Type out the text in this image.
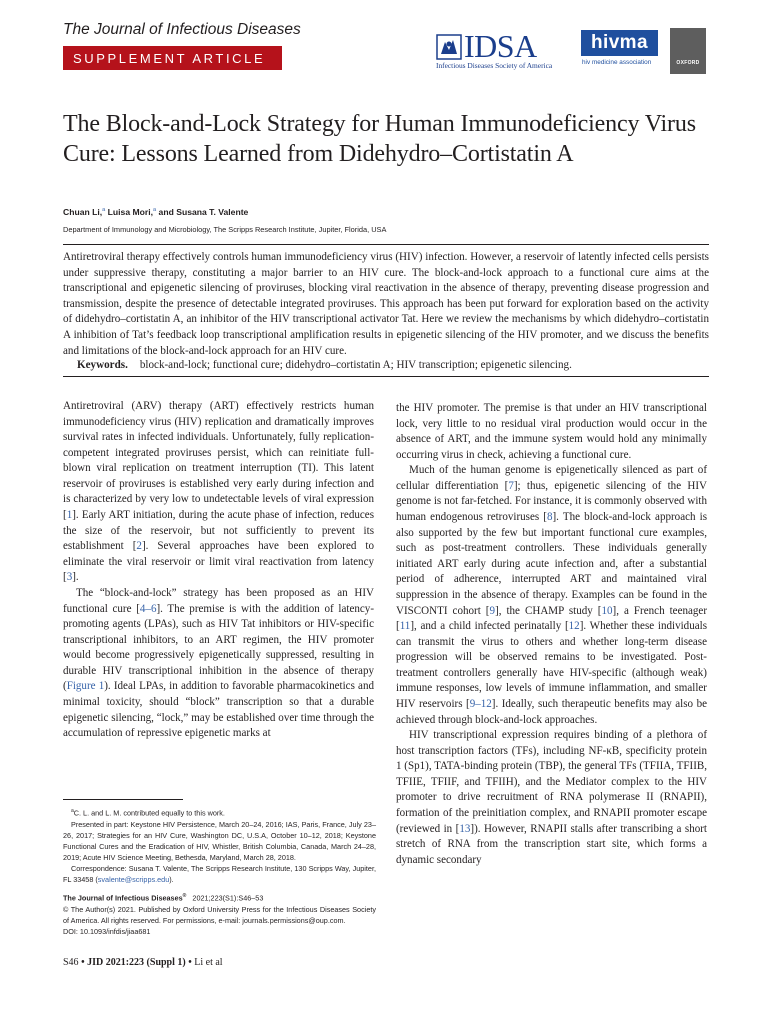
The Journal of Infectious Diseases
SUPPLEMENT ARTICLE	IDSA
Infectious Diseases Society of America
hivma
hiv medicine association	OXFORD
The Block-and-Lock Strategy for Human Immunodeficiency Virus Cure: Lessons Learned from Didehydro–Cortistatin A
Chuan Li,$^a$ Luisa Mori,$^a$ and Susana T. Valente
Department of Immunology and Microbiology, The Scripps Research Institute, Jupiter, Florida, USA
Antiretroviral therapy effectively controls human immunodeficiency virus (HIV) infection. However, a reservoir of latently infected cells persists under suppressive therapy, constituting a major barrier to an HIV cure. The block-and-lock approach to a functional cure aims at the transcriptional and epigenetic silencing of proviruses, blocking viral reactivation in the absence of therapy, preventing disease progression and transmission, despite the presence of detectable integrated proviruses. This approach has been put forward for exploration based on the activity of didehydro–cortistatin A, an inhibitor of the HIV transcriptional activator Tat. Here we review the mechanisms by which didehydro–cortistatin A inhibition of Tat’s feedback loop transcriptional amplification results in epigenetic silencing of the HIV promoter, and we discuss the benefits and limitations of the block-and-lock approach for an HIV cure.
Keywords. block-and-lock; functional cure; didehydro–cortistatin A; HIV transcription; epigenetic silencing.

Antiretroviral (ARV) therapy (ART) effectively restricts human immunodeficiency virus (HIV) replication and dramatically improves survival rates in infected individuals. Unfortunately, fully replication-competent integrated proviruses persist, which can reinitiate full-blown viral replication on treatment interruption (TI). This latent reservoir of proviruses is established very early during infection and is characterized by very low to undetectable levels of viral expression [1]. Early ART initiation, during the acute phase of infection, reduces the size of the reservoir, but not sufficiently to prevent its establishment [2]. Several approaches have been explored to eliminate the viral reservoir or limit viral reactivation from latency [3].

The “block-and-lock” strategy has been proposed as an HIV functional cure [4–6]. The premise is with the addition of latency-promoting agents (LPAs), such as HIV Tat inhibitors or HIV-specific transcriptional inhibitors, to an ART regimen, the HIV promoter would become progressively epigenetically suppressed, resulting in durable HIV transcriptional inhibition in the absence of therapy (Figure 1). Ideal LPAs, in addition to favorable pharmacokinetics and minimal toxicity, should “block” transcription so that a durable epigenetic silencing, “lock,” may be established over time through the accumulation of repressive epigenetic marks at

the HIV promoter. The premise is that under an HIV transcriptional lock, very little to no residual viral production would occur in the absence of ART, and the immune system would hold any minimally occurring virus in check, achieving a functional cure.

Much of the human genome is epigenetically silenced as part of cellular differentiation [7]; thus, epigenetic silencing of the HIV genome is not far-fetched. For instance, it is commonly observed with human endogenous retroviruses [8]. The block-and-lock approach is also supported by the few but important functional cure examples, such as post-treatment controllers. These individuals generally initiated ART early during acute infection and, after a substantial period of adherence, interrupted ART and maintained viral suppression in the absence of therapy. Examples can be found in the VISCONTI cohort [9], the CHAMP study [10], a French teenager [11], and a child infected perinatally [12]. Whether these individuals can transmit the virus to others and whether long-term disease progression will be observed remains to be investigated. Post-treatment controllers generally have HIV-specific (although weak) immune responses, low levels of immune inflammation, and smaller HIV reservoirs [9–12]. Ideally, such therapeutic benefits may also be achieved through block-and-lock approaches.

HIV transcriptional expression requires binding of a plethora of host transcription factors (TFs), including NF-κB, specificity protein 1 (Sp1), TATA-binding protein (TBP), the general TFs (TFIIA, TFIIB, TFIIE, TFIIF, and TFIIH), and the Mediator complex to the HIV promoter to drive recruitment of RNA polymerase II (RNAPII), formation of the preinitiation complex, and RNAPII promoter escape (reviewed in [13]). However, RNAPII stalls after transcribing a short stretch of RNA from the transcription start site, which forms a dynamic secondary

$^a$C. L. and L. M. contributed equally to this work.

Presented in part: Keystone HIV Persistence, March 20–24, 2016; IAS, Paris, France, July 23–26, 2017; Strategies for an HIV Cure, Washington DC, U.S.A, October 10–12, 2018; Keystone Functional Cures and the Eradication of HIV, Whistler, British Columbia, Canada, March 24–28, 2019; Acute HIV Science Meeting, Bethesda, Maryland, March 28, 2018.

Correspondence: Susana T. Valente, The Scripps Research Institute, 130 Scripps Way, Jupiter, FL 33458 (svalente@scripps.edu).

The Journal of Infectious Diseases® 2021;223(S1):S46–53

© The Author(s) 2021. Published by Oxford University Press for the Infectious Diseases Society of America. All rights reserved. For permissions, e-mail: journals.permissions@oup.com.

DOI: 10.1093/infdis/jiaa681

S46 • JID 2021:223 (Suppl 1) • Li et al
